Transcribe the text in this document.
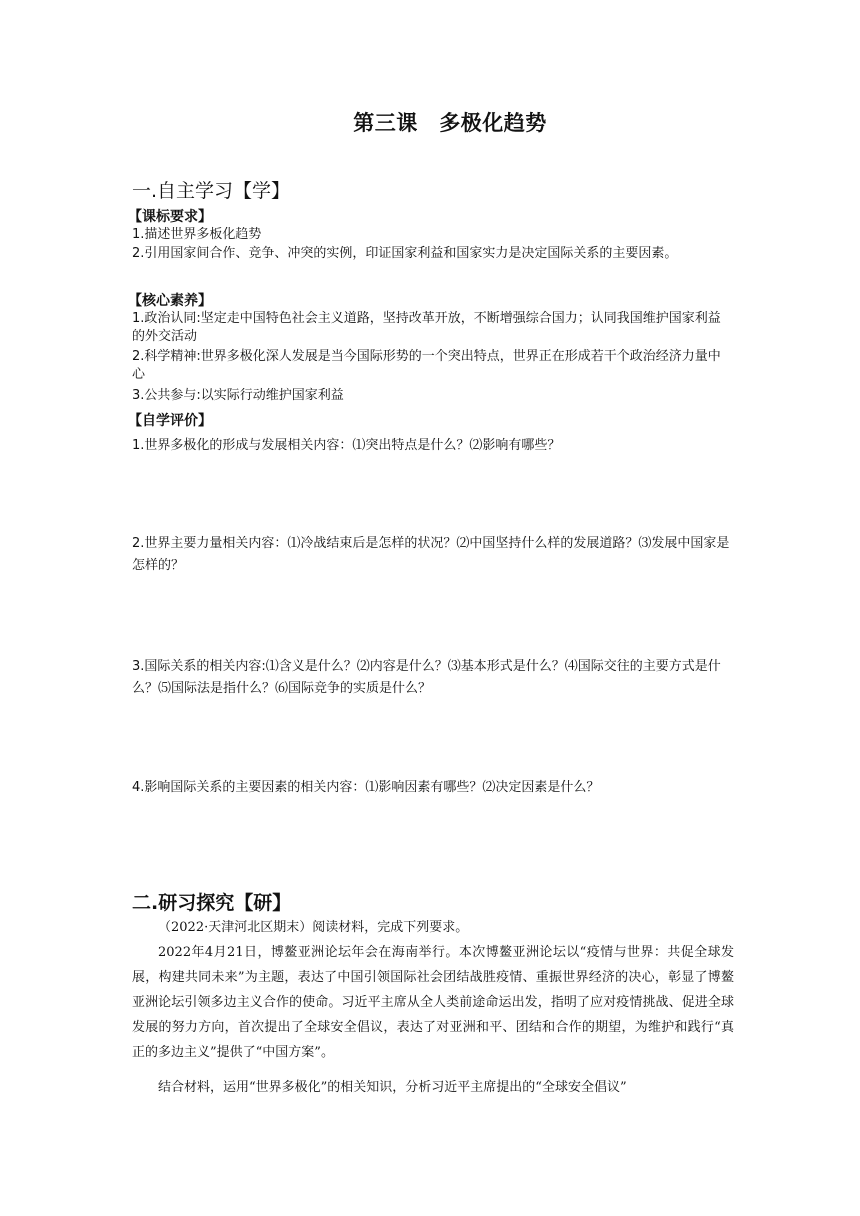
第三课　多极化趋势
一.自主学习【学】
【课标要求】
1.描述世界多板化趋势
2.引用国家间合作、竞争、冲突的实例，印证国家利益和国家实力是决定国际关系的主要因素。
【核心素养】
1.政治认同:坚定走中国特色社会主义道路，坚持改革开放，不断增强综合国力；认同我国维护国家利益的外交活动
2.科学精神:世界多极化深人发展是当今国际形势的一个突出特点，世界正在形成若干个政治经济力量中心
3.公共参与:以实际行动维护国家利益
【自学评价】
1.世界多极化的形成与发展相关内容：⑴突出特点是什么？⑵影响有哪些？
2.世界主要力量相关内容：⑴冷战结束后是怎样的状况？⑵中国坚持什么样的发展道路？⑶发展中国家是怎样的？
3.国际关系的相关内容:⑴含义是什么？⑵内容是什么？⑶基本形式是什么？⑷国际交往的主要方式是什么？⑸国际法是指什么？⑹国际竞争的实质是什么？
4.影响国际关系的主要因素的相关内容：⑴影响因素有哪些？⑵决定因素是什么？
二.研习探究【研】
（2022·天津河北区期末）阅读材料，完成下列要求。
2022年4月21日，博鳌亚洲论坛年会在海南举行。本次博鳌亚洲论坛以“疫情与世界：共促全球发展，构建共同未来”为主题，表达了中国引领国际社会团结战胜疫情、重振世界经济的决心，彰显了博鳌亚洲论坛引领多边主义合作的使命。习近平主席从全人类前途命运出发，指明了应对疫情挑战、促进全球发展的努力方向，首次提出了全球安全倡议，表达了对亚洲和平、团结和合作的期望，为维护和践行“真正的多边主义”提供了“中国方案”。
结合材料，运用“世界多极化”的相关知识，分析习近平主席提出的“全球安全倡议”
